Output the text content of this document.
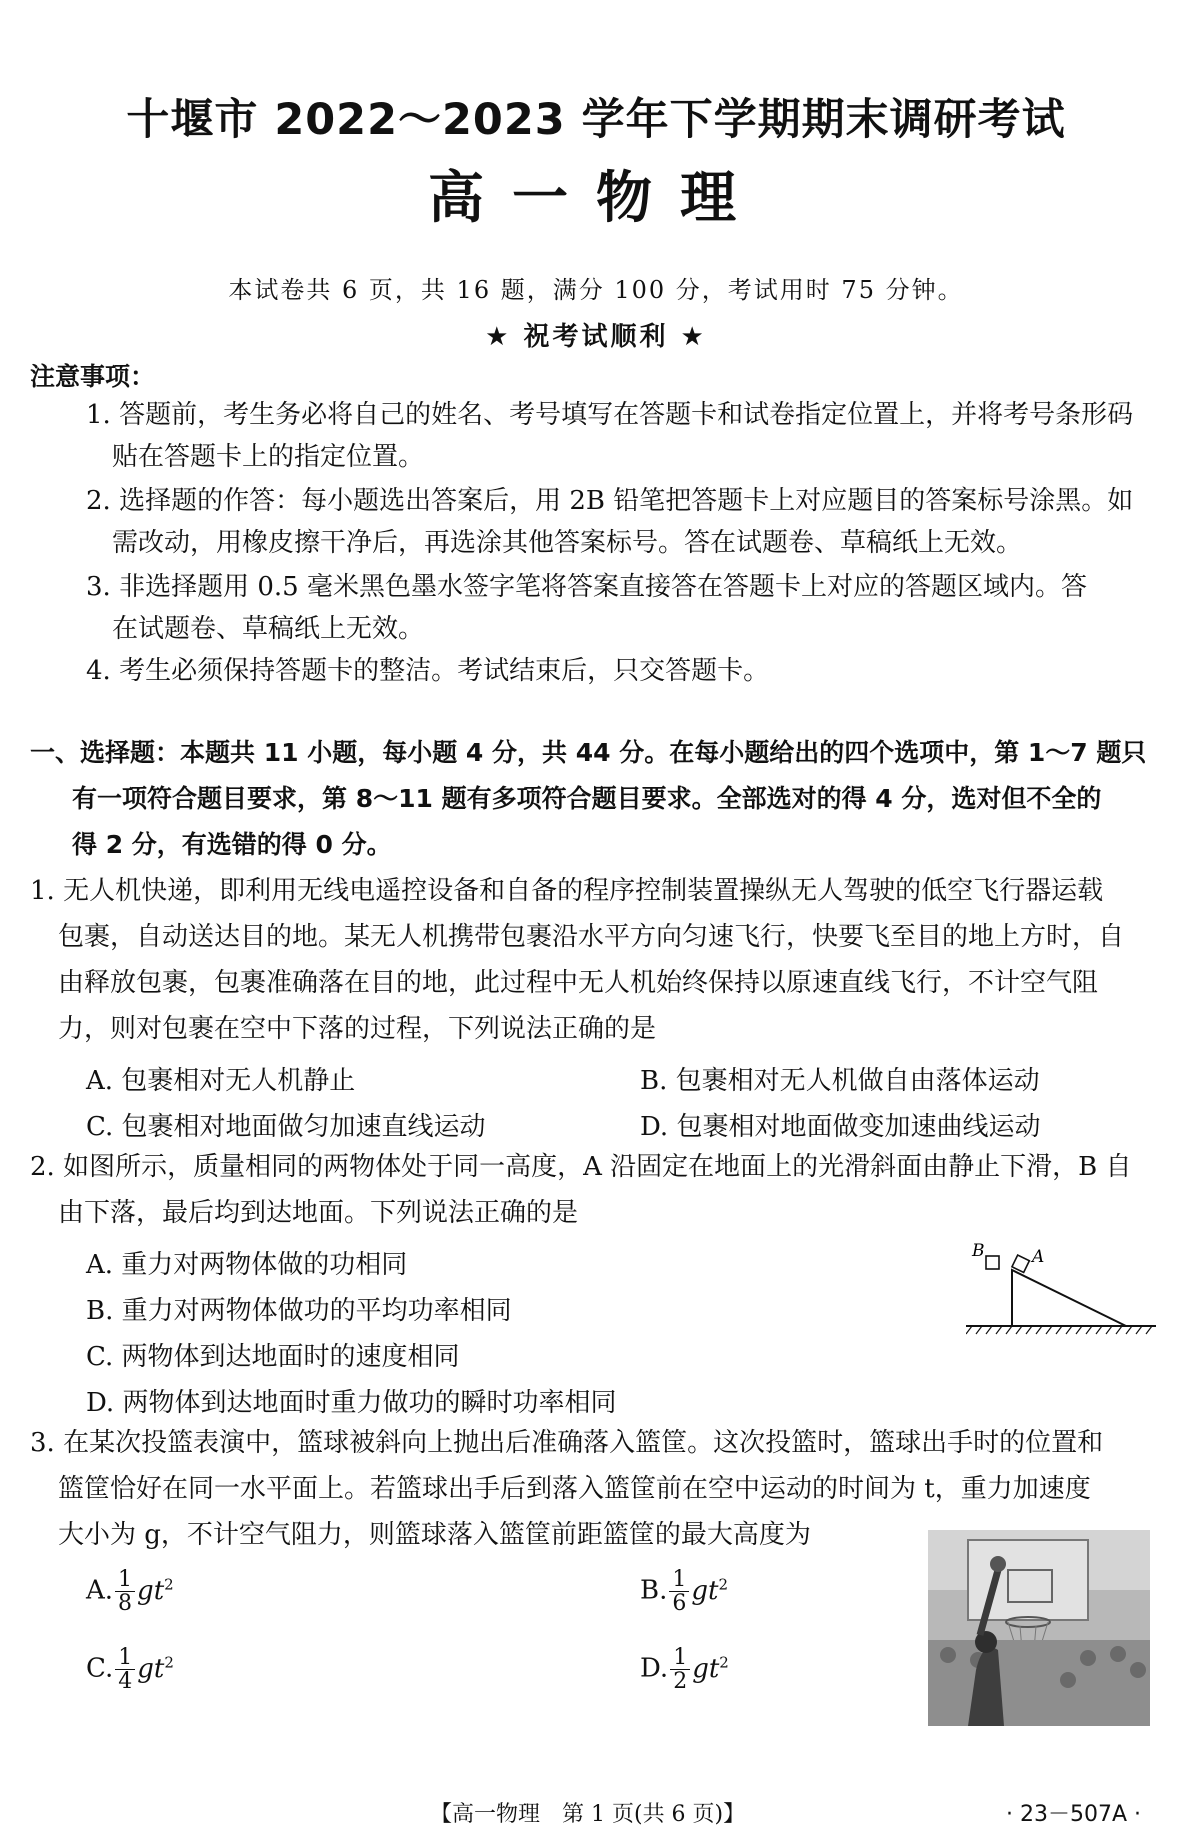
十堰市 2022～2023 学年下学期期末调研考试
高一物理
本试卷共 6 页，共 16 题，满分 100 分，考试用时 75 分钟。
★ 祝考试顺利 ★
注意事项：
1. 答题前，考生务必将自己的姓名、考号填写在答题卡和试卷指定位置上，并将考号条形码
贴在答题卡上的指定位置。
2. 选择题的作答：每小题选出答案后，用 2B 铅笔把答题卡上对应题目的答案标号涂黑。如
需改动，用橡皮擦干净后，再选涂其他答案标号。答在试题卷、草稿纸上无效。
3. 非选择题用 0.5 毫米黑色墨水签字笔将答案直接答在答题卡上对应的答题区域内。答
在试题卷、草稿纸上无效。
4. 考生必须保持答题卡的整洁。考试结束后，只交答题卡。
一、选择题：本题共 11 小题，每小题 4 分，共 44 分。在每小题给出的四个选项中，第 1～7 题只
有一项符合题目要求，第 8～11 题有多项符合题目要求。全部选对的得 4 分，选对但不全的
得 2 分，有选错的得 0 分。
1. 无人机快递，即利用无线电遥控设备和自备的程序控制装置操纵无人驾驶的低空飞行器运载
包裹，自动送达目的地。某无人机携带包裹沿水平方向匀速飞行，快要飞至目的地上方时，自
由释放包裹，包裹准确落在目的地，此过程中无人机始终保持以原速直线飞行，不计空气阻
力，则对包裹在空中下落的过程，下列说法正确的是
A. 包裹相对无人机静止	B. 包裹相对无人机做自由落体运动
C. 包裹相对地面做匀加速直线运动	D. 包裹相对地面做变加速曲线运动
2. 如图所示，质量相同的两物体处于同一高度，A 沿固定在地面上的光滑斜面由静止下滑，B 自
由下落，最后均到达地面。下列说法正确的是
A. 重力对两物体做的功相同
B. 重力对两物体做功的平均功率相同
C. 两物体到达地面时的速度相同
D. 两物体到达地面时重力做功的瞬时功率相同
B	A
3. 在某次投篮表演中，篮球被斜向上抛出后准确落入篮筐。这次投篮时，篮球出手时的位置和
篮筐恰好在同一水平面上。若篮球出手后到落入篮筐前在空中运动的时间为 t，重力加速度
大小为 g，不计空气阻力，则篮球落入篮筐前距篮筐的最大高度为
A. $\frac{1}{8} gt^2$	B. $\frac{1}{6} gt^2$
C. $\frac{1}{4} gt^2$	D. $\frac{1}{2} gt^2$
【高一物理　第 1 页(共 6 页)】	· 23－507A ·
